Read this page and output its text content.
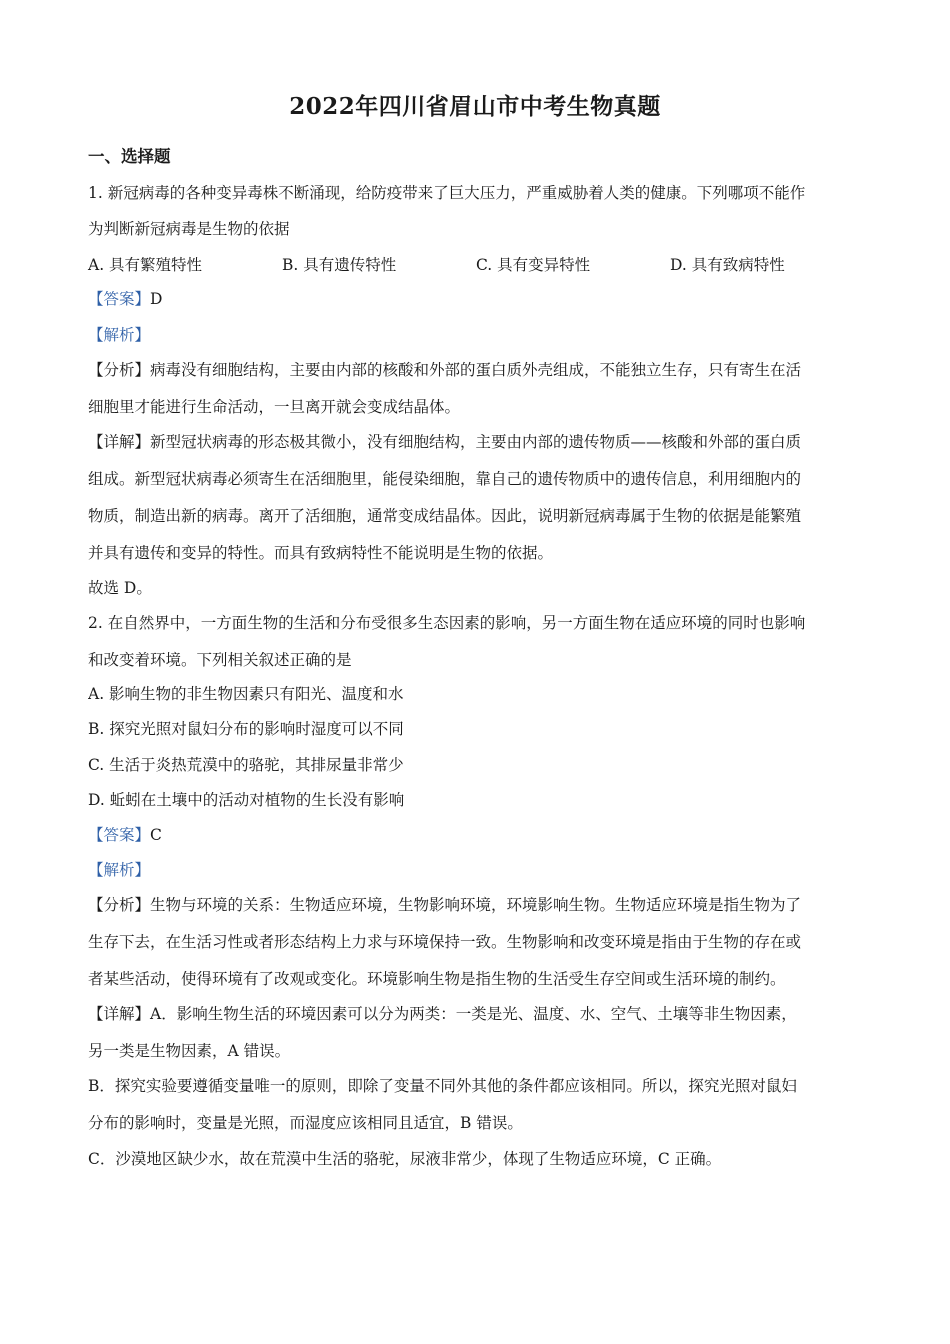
2022年四川省眉山市中考生物真题
一、选择题
1. 新冠病毒的各种变异毒株不断涌现，给防疫带来了巨大压力，严重威胁着人类的健康。下列哪项不能作
为判断新冠病毒是生物的依据
A. 具有繁殖特性	B. 具有遗传特性	C. 具有变异特性	D. 具有致病特性
【答案】D
【解析】
【分析】病毒没有细胞结构，主要由内部的核酸和外部的蛋白质外壳组成，不能独立生存，只有寄生在活
细胞里才能进行生命活动，一旦离开就会变成结晶体。
【详解】新型冠状病毒的形态极其微小，没有细胞结构，主要由内部的遗传物质——核酸和外部的蛋白质
组成。新型冠状病毒必须寄生在活细胞里，能侵染细胞，靠自己的遗传物质中的遗传信息，利用细胞内的
物质，制造出新的病毒。离开了活细胞，通常变成结晶体。因此，说明新冠病毒属于生物的依据是能繁殖
并具有遗传和变异的特性。而具有致病特性不能说明是生物的依据。
故选 D。
2. 在自然界中，一方面生物的生活和分布受很多生态因素的影响，另一方面生物在适应环境的同时也影响
和改变着环境。下列相关叙述正确的是
A. 影响生物的非生物因素只有阳光、温度和水
B. 探究光照对鼠妇分布的影响时湿度可以不同
C. 生活于炎热荒漠中的骆驼，其排尿量非常少
D. 蚯蚓在土壤中的活动对植物的生长没有影响
【答案】C
【解析】
【分析】生物与环境的关系：生物适应环境，生物影响环境，环境影响生物。生物适应环境是指生物为了
生存下去，在生活习性或者形态结构上力求与环境保持一致。生物影响和改变环境是指由于生物的存在或
者某些活动，使得环境有了改观或变化。环境影响生物是指生物的生活受生存空间或生活环境的制约。
【详解】A．影响生物生活的环境因素可以分为两类：一类是光、温度、水、空气、土壤等非生物因素，
另一类是生物因素，A 错误。
B．探究实验要遵循变量唯一的原则，即除了变量不同外其他的条件都应该相同。所以，探究光照对鼠妇
分布的影响时，变量是光照，而湿度应该相同且适宜，B 错误。
C．沙漠地区缺少水，故在荒漠中生活的骆驼，尿液非常少，体现了生物适应环境，C 正确。
